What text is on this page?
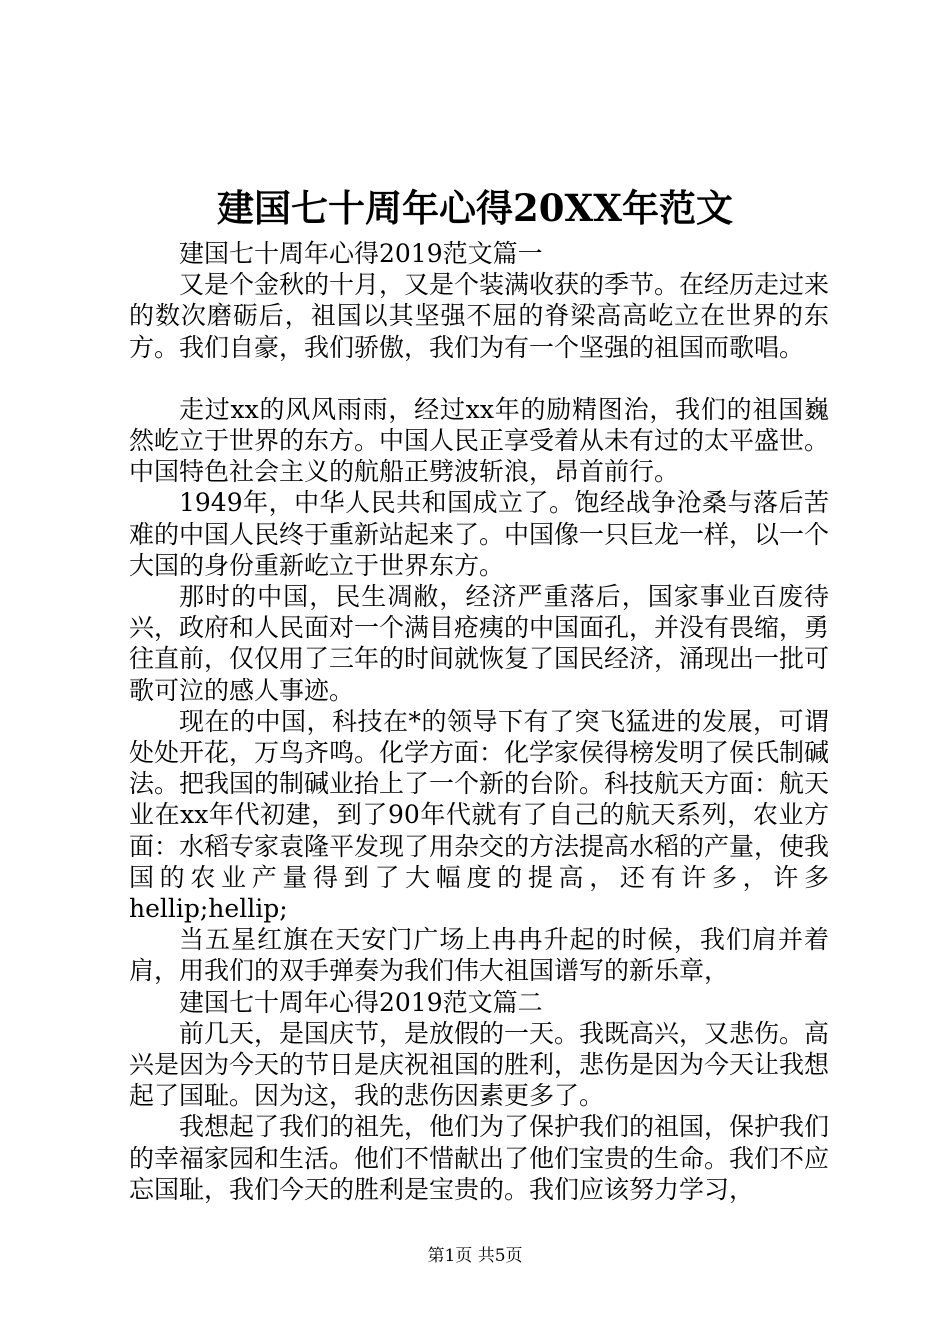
建国七十周年心得20XX年范文

建国七十周年心得2019范文篇一

又是个金秋的十月，又是个装满收获的季节。在经历走过来的数次磨砺后，祖国以其坚强不屈的脊梁高高屹立在世界的东方。我们自豪，我们骄傲，我们为有一个坚强的祖国而歌唱。

走过xx的风风雨雨，经过xx年的励精图治，我们的祖国巍然屹立于世界的东方。中国人民正享受着从未有过的太平盛世。中国特色社会主义的航船正劈波斩浪，昂首前行。

1949年，中华人民共和国成立了。饱经战争沧桑与落后苦难的中国人民终于重新站起来了。中国像一只巨龙一样，以一个大国的身份重新屹立于世界东方。

那时的中国，民生凋敝，经济严重落后，国家事业百废待兴，政府和人民面对一个满目疮痍的中国面孔，并没有畏缩，勇往直前，仅仅用了三年的时间就恢复了国民经济，涌现出一批可歌可泣的感人事迹。

现在的中国，科技在*的领导下有了突飞猛进的发展，可谓处处开花，万鸟齐鸣。化学方面：化学家侯得榜发明了侯氏制碱法。把我国的制碱业抬上了一个新的台阶。科技航天方面：航天业在xx年代初建，到了90年代就有了自己的航天系列，农业方面：水稻专家袁隆平发现了用杂交的方法提高水稻的产量，使我国的农业产量得到了大幅度的提高，还有许多，许多hellip;hellip;

当五星红旗在天安门广场上冉冉升起的时候，我们肩并着肩，用我们的双手弹奏为我们伟大祖国谱写的新乐章，

建国七十周年心得2019范文篇二

前几天，是国庆节，是放假的一天。我既高兴，又悲伤。高兴是因为今天的节日是庆祝祖国的胜利，悲伤是因为今天让我想起了国耻。因为这，我的悲伤因素更多了。

我想起了我们的祖先，他们为了保护我们的祖国，保护我们的幸福家园和生活。他们不惜献出了他们宝贵的生命。我们不应忘国耻，我们今天的胜利是宝贵的。我们应该努力学习，

第1页 共5页
